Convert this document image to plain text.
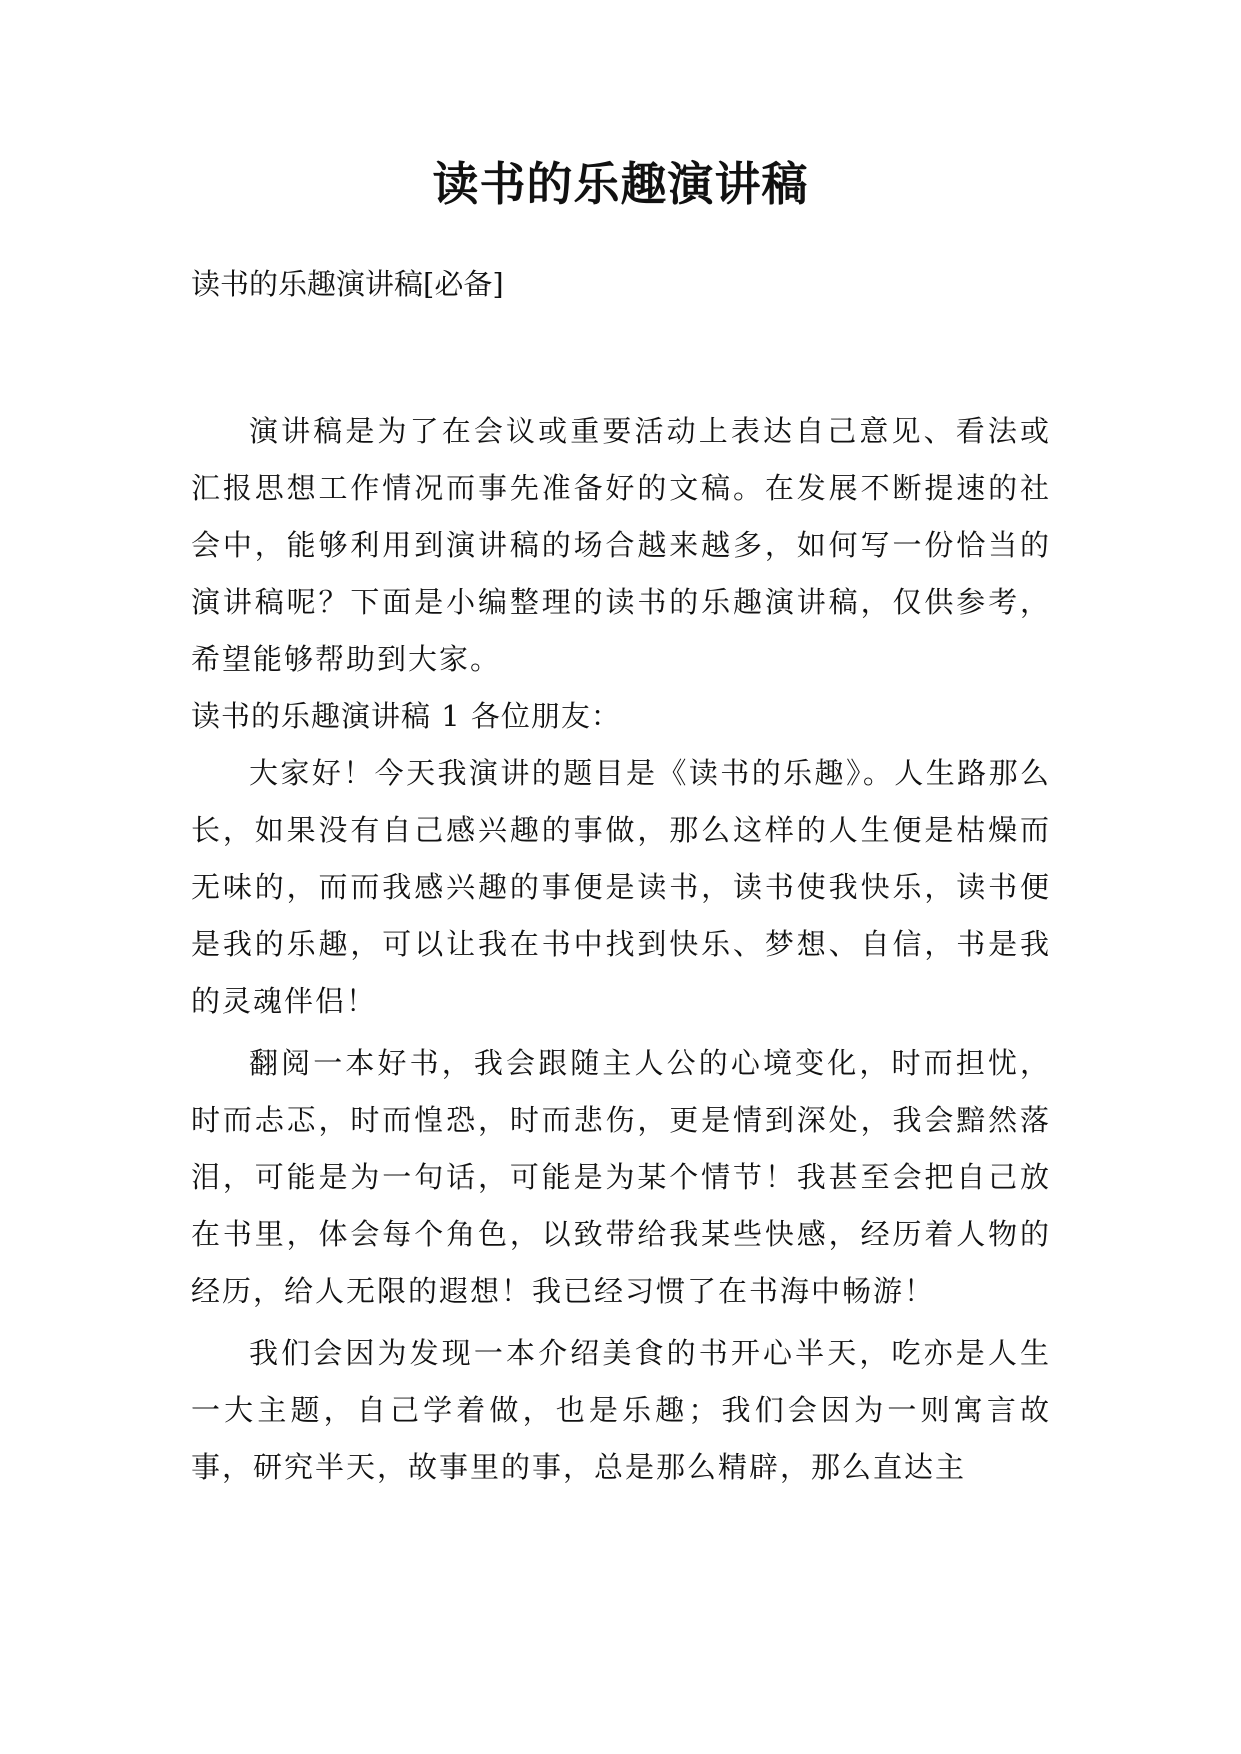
读书的乐趣演讲稿
读书的乐趣演讲稿[必备]

演讲稿是为了在会议或重要活动上表达自己意见、看法或汇报思想工作情况而事先准备好的文稿。在发展不断提速的社会中，能够利用到演讲稿的场合越来越多，如何写一份恰当的演讲稿呢？下面是小编整理的读书的乐趣演讲稿，仅供参考，希望能够帮助到大家。

读书的乐趣演讲稿 1 各位朋友：

大家好！今天我演讲的题目是《读书的乐趣》。人生路那么长，如果没有自己感兴趣的事做，那么这样的人生便是枯燥而无味的，而而我感兴趣的事便是读书，读书使我快乐，读书便是我的乐趣，可以让我在书中找到快乐、梦想、自信，书是我的灵魂伴侣！

翻阅一本好书，我会跟随主人公的心境变化，时而担忧，时而忐忑，时而惶恐，时而悲伤，更是情到深处，我会黯然落泪，可能是为一句话，可能是为某个情节！我甚至会把自己放在书里，体会每个角色，以致带给我某些快感，经历着人物的经历，给人无限的遐想！我已经习惯了在书海中畅游！

我们会因为发现一本介绍美食的书开心半天，吃亦是人生一大主题，自己学着做，也是乐趣；我们会因为一则寓言故事，研究半天，故事里的事，总是那么精辟，那么直达主
